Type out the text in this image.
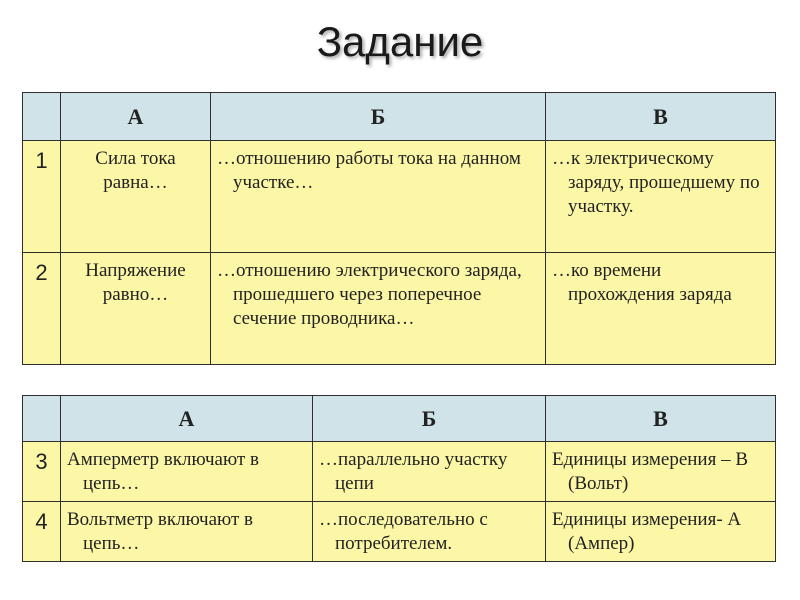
Задание
	А	Б	В
1	Сила тока равна…	…отношению работы тока на данном участке…	…к электрическому заряду, прошедшему по участку.

2	Напряжение равно…	…отношению электрического заряда, прошедшего через поперечное сечение проводника…	…ко времени прохождения заряда
	А	Б	В
3	Амперметр включают в цепь…	…параллельно участку цепи	Единицы измерения – В (Вольт)

4	Вольтметр включают в цепь…	…последовательно с потребителем.	Единицы измерения- А (Ампер)
